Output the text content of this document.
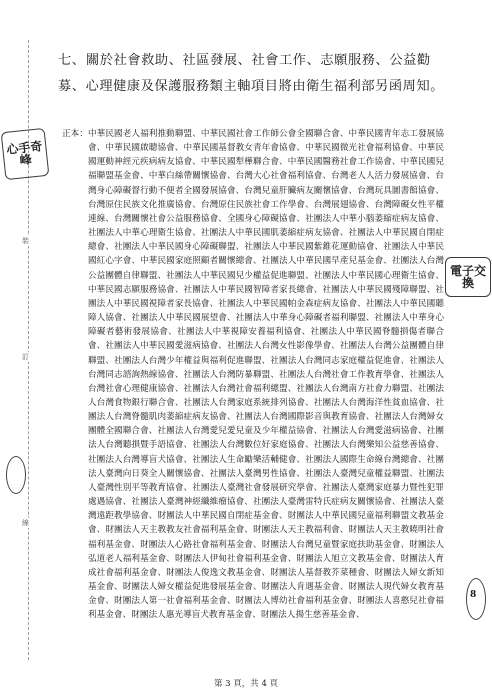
裝
訂
線
心手奇峰
電子交換
8
七、關於社會救助、社區發展、社會工作、志願服務、公益勸募、心理健康及保護服務類主軸項目將由衛生福利部另函周知。
正本： 中華民國老人福利推動聯盟、中華民國社會工作師公會全國聯合會、中華民國青年志工發展協會、中華民國啟聰協會、中華民國基督教女青年會協會、中華民國微光社會福利協會、中華民國運動神經元疾病病友協會、中華民國犁樺聯合會、中華民國醫務社會工作協會、中華民國兒福聯盟基金會、中華白絲帶關懷協會、台灣大心社會福利協會、台灣老人人活力發展協會、台灣身心障礙督行動不便者全國發展協會、台灣兒童肝臟病友關懷協會、台灣玩具圖書館協會、台灣原住民族文化推廣協會、台灣原住民族社會工作學會、台灣展翅協會、台灣障礙女性平權連線、台灣關懷社會公益服務協會、全國身心障礙協會、社團法人中華小腦萎縮症病友協會、社團法人中華心理衛生協會、社團法人中華民國肌萎縮症病友協會、社團法人中華民國自閉症總會、社團法人中華民國身心障礙聯盟、社團法人中華民國紫錐花運動協會、社團法人中華民國紅心字會、中華民國家庭照顧者關懷總會、社團法人中華民國早產兒基金會、社團法人台灣公益團體自律聯盟、社團法人中華民國兒少權益促進聯盟、社團法人中華民國心理衛生協會、中華民國志願服務協會、社團法人中華民國智障者家長總會、社團法人中華民國殘障聯盟、社團法人中華民國視障者家長協會、社團法人中華民國帕金森症病友協會、社團法人中華民國聽障人協會、社團法人中華民國展望會、社團法人中華身心障礙者福利聯盟、社團法人中華身心障礙者藝術發展協會、社團法人中華視障安養福利協會、社團法人中華民國脊髓損傷者聯合會、社團法人中華民國愛滋病協會、社團法人台灣女性影像學會、社團法人台灣公益團體自律聯盟、社團法人台灣少年權益與福利促進聯盟、社團法人台灣同志家庭權益促進會、社團法人台灣同志諮詢熱線協會、社團法人台灣防暴聯盟、社團法人台灣社會工作教育學會、社團法人台灣社會心理健康協會、社團法人台灣社會福利總盟、社團法人台灣南方社會力聯盟、社團法人台灣食物銀行聯合會、社團法人台灣家庭系統排列協會、社團法人台灣海洋性貧血協會、社團法人台灣脊髓肌肉萎縮症病友協會、社團法人台灣國際影音與教育協會、社團法人台灣婦女團體全國聯合會、社團法人台灣愛兒愛兒童及少年權益協會、社團法人台灣愛滋病協會、社團法人台灣聽損暨手語協會、社團法人台灣數位好家庭協會、社團法人台灣樂知公益慈善協會、社團法人台灣導盲犬協會、社團法人生命勵樂活輔健會、社團法人國際生命線台灣總會、社團法人臺灣向日葵全人關懷協會、社團法人臺灣男性協會、社團法人臺灣兒童權益聯盟、社團法人臺灣性別平等教育協會、社團法人臺灣社會發展研究學會、社團法人臺灣家庭暴力暨性犯罪處遇協會、社團法人臺灣神經纖維瘤協會、社團法人臺灣雷特氏症病友關懷協會、社團法人臺灣遠距教學協會、財團法人中華民國自閉症基金會、財團法人中華民國兒童福利聯盟文教基金會、財團法人天主教教友社會福利基金會、財團法人天主教福利會、財團法人天主教曉明社會福利基金會、財團法人心路社會福利基金會、財團法人台灣兒童暨家庭扶助基金會、財團法人弘道老人福利基金會、財團法人伊甸社會福利基金會、財團法人旭立文教基金會、財團法人育成社會福利基金會、財團法人俊逸文教基金會、財團法人基督教芥菜種會、財團法人婦女新知基金會、財團法人婦女權益促進發展基金會、財團法人肯遇基金會、財團法人現代婦女教育基金會、財團法人第一社會福利基金會、財團法人博幼社會福利基金會、財團法人喜憨兒社會福利基金會、財團法人惠光導盲犬教育基金會、財團法人揚生慈善基金會、
第 3 頁，共 4 頁
